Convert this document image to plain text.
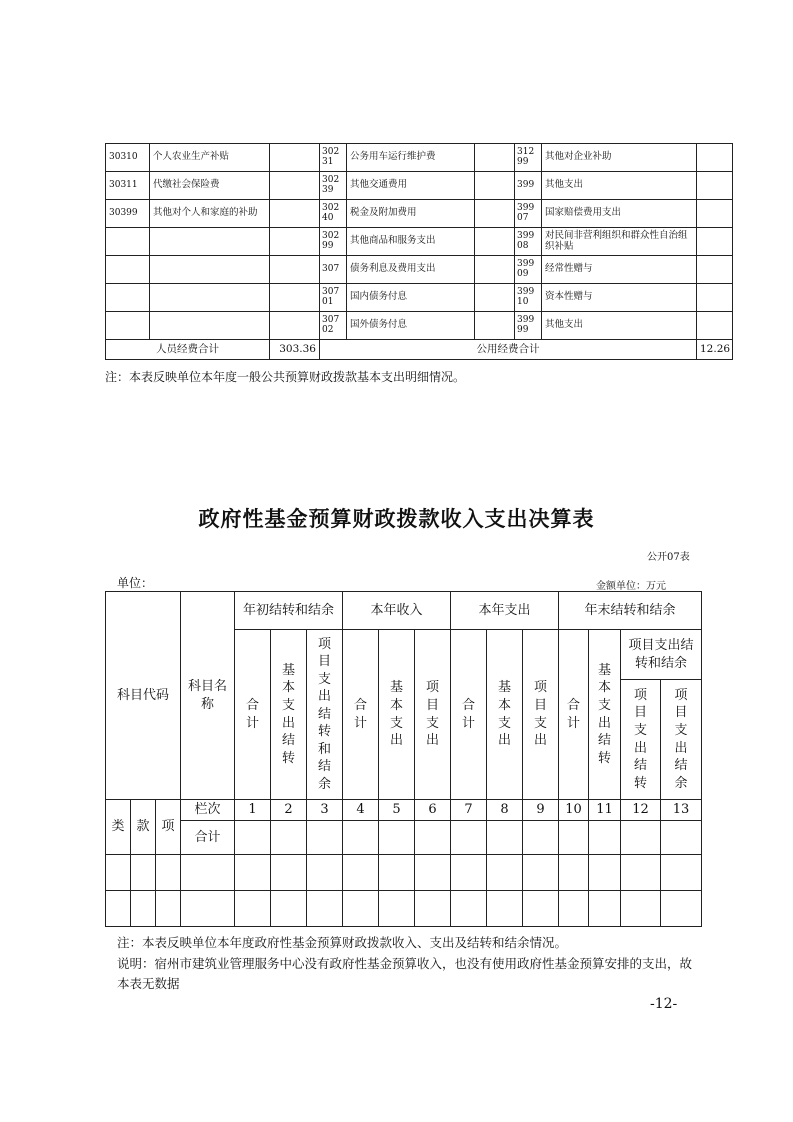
30310	个人农业生产补贴		30231	公务用车运行维护费		31299	其他对企业补助	
30311	代缴社会保险费		30239	其他交通费用		399	其他支出	
30399	其他对个人和家庭的补助		30240	税金及附加费用		39907	国家赔偿费用支出	
			30299	其他商品和服务支出		39908	对民间非营利组织和群众性自治组织补贴	
			307	债务利息及费用支出		39909	经常性赠与	
			30701	国内债务付息		39910	资本性赠与	
			30702	国外债务付息		39999	其他支出	
人员经费合计		303.36	公用经费合计					12.26
注：本表反映单位本年度一般公共预算财政拨款基本支出明细情况。
政府性基金预算财政拨款收入支出决算表
公开07表
单位：	金额单位：万元
科目代码			科目名称	年初结转和结余			本年收入			本年支出			年末结转和结余			
				合计	基本支出结转	项目支出结转和结余	合计	基本支出	项目支出	合计	基本支出	项目支出	合计	基本支出结转	项目支出结转和结余	
															项目支出结转	项目支出结余

类	款	项	栏次	1	2	3	4	5	6	7	8	9	10	11	12	13
			合计													

注：本表反映单位本年度政府性基金预算财政拨款收入、支出及结转和结余情况。
说明：宿州市建筑业管理服务中心没有政府性基金预算收入，也没有使用政府性基金预算安排的支出，故本表无数据
-12-
